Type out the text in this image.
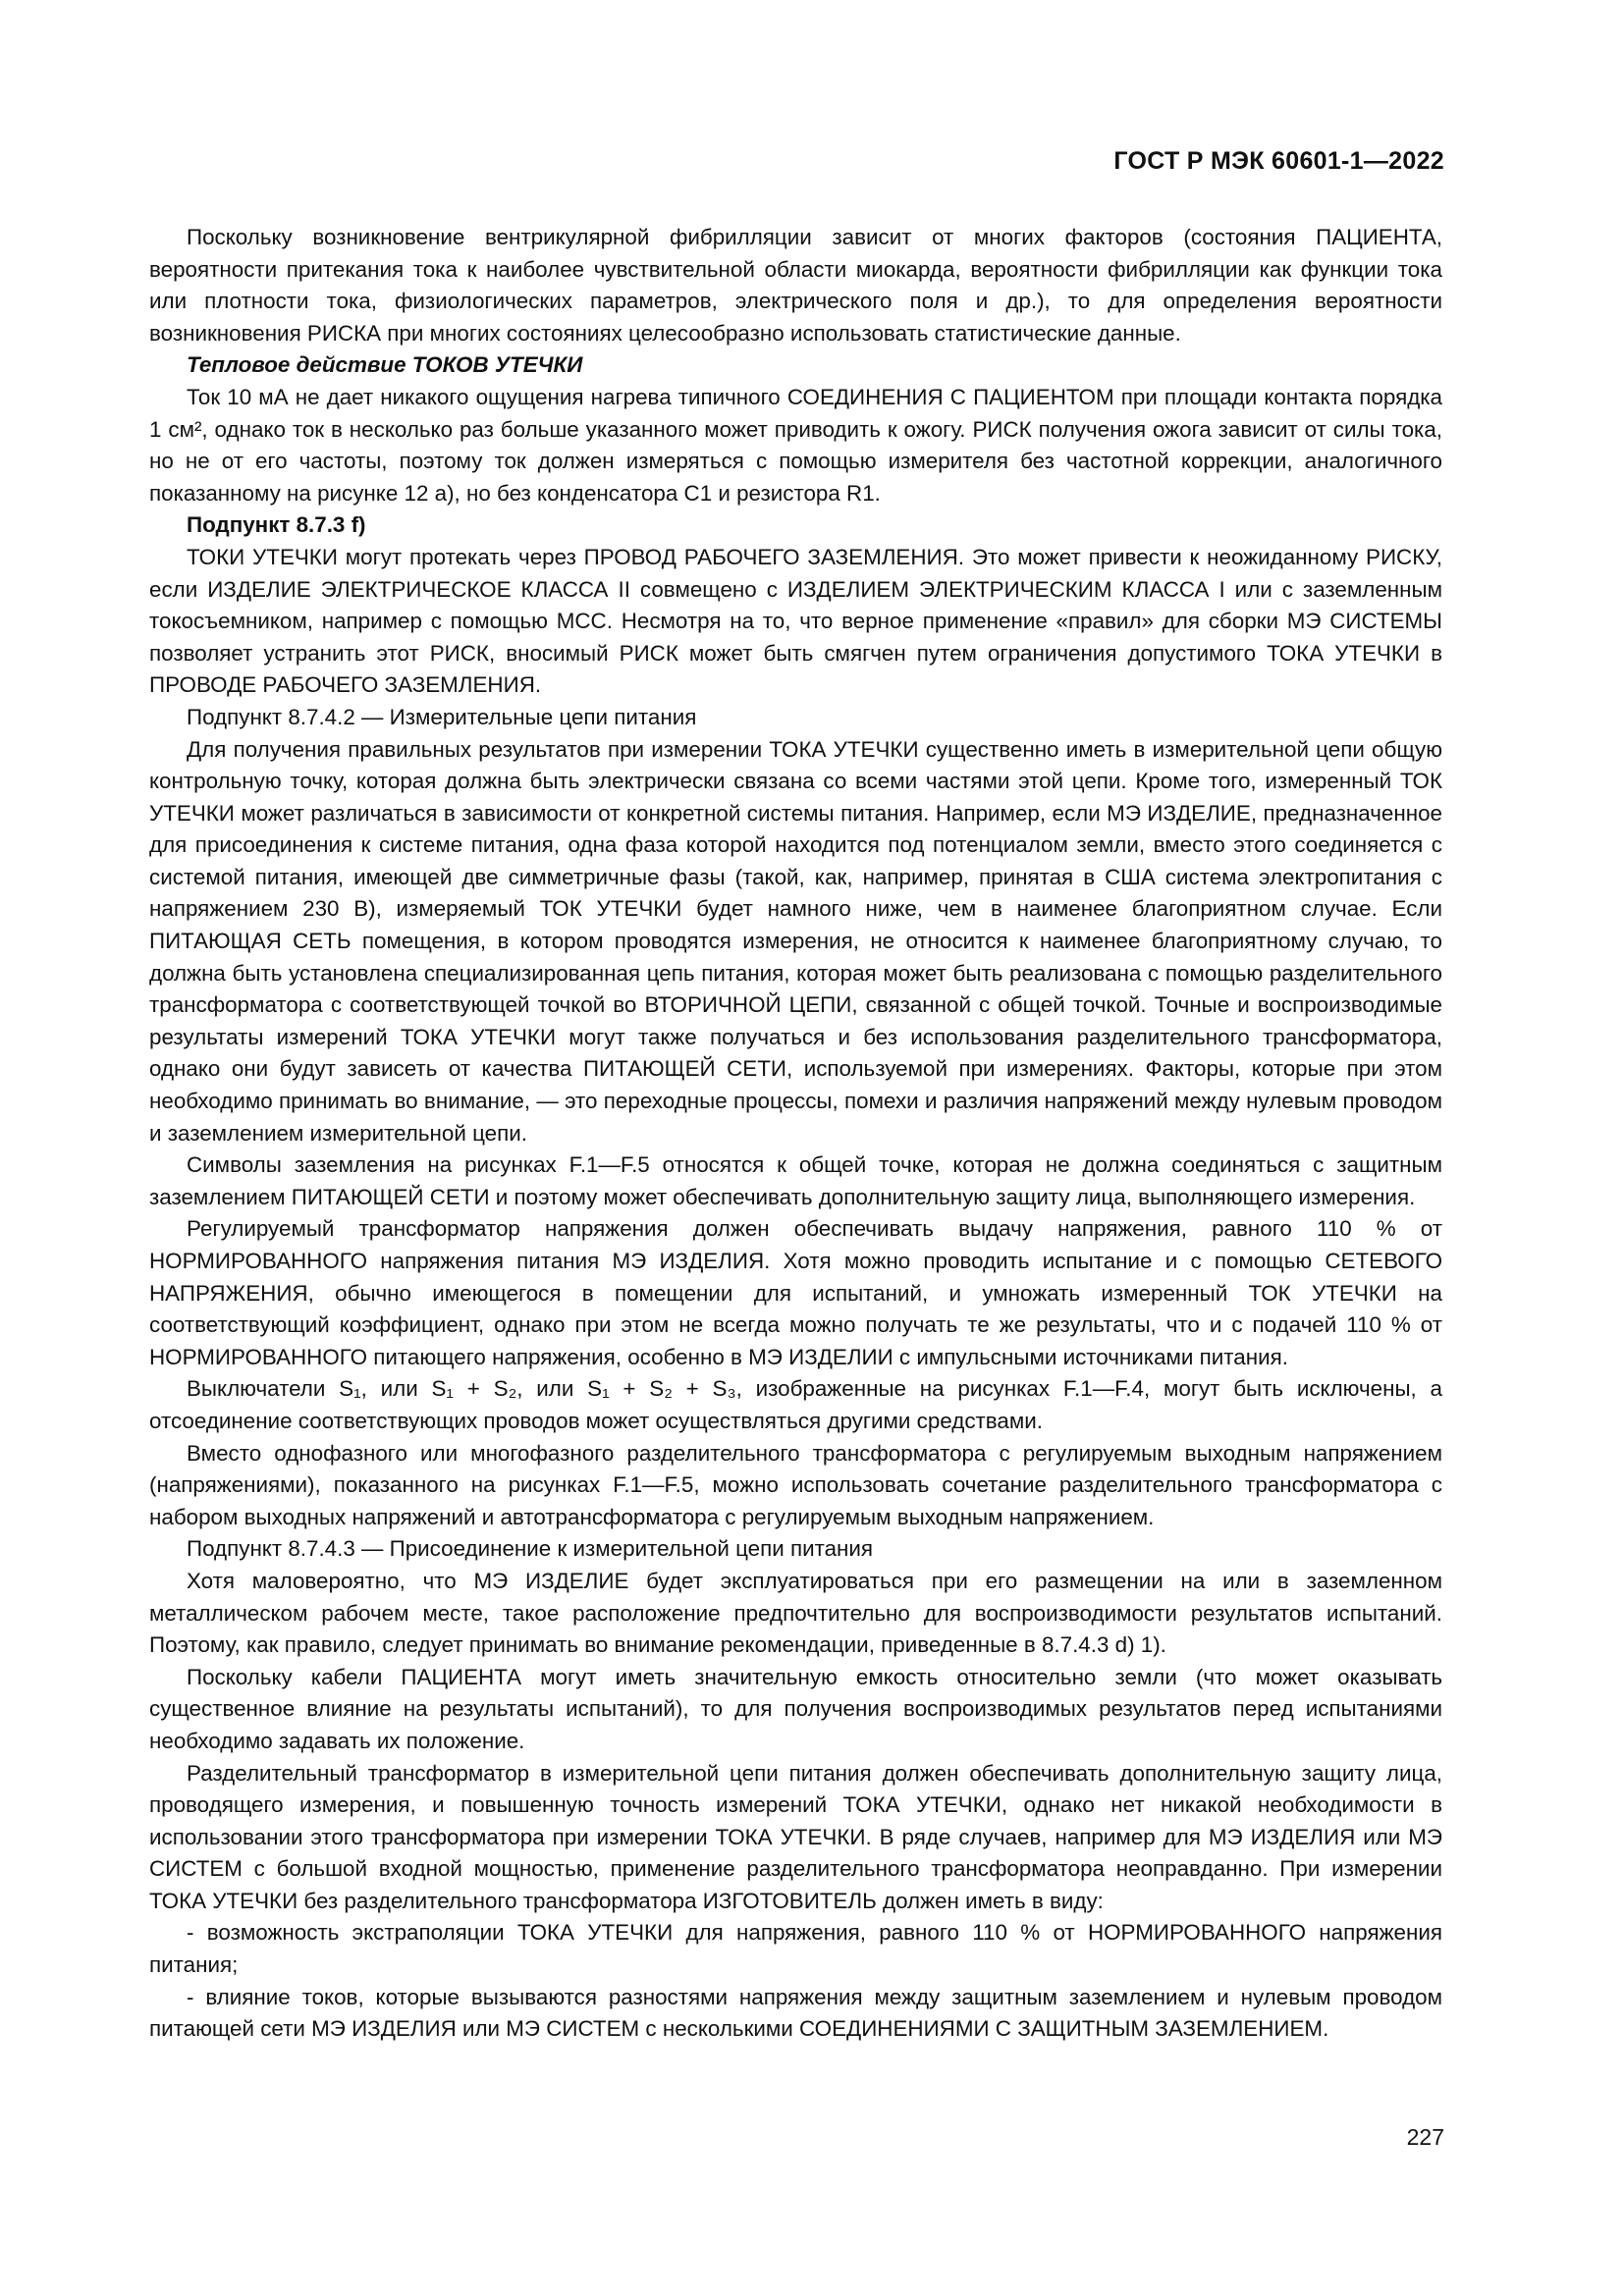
ГОСТ Р МЭК 60601-1—2022

Поскольку возникновение вентрикулярной фибрилляции зависит от многих факторов (состояния ПАЦИЕНТА, вероятности притекания тока к наиболее чувствительной области миокарда, вероятности фибрилляции как функции тока или плотности тока, физиологических параметров, электрического поля и др.), то для определения вероятности возникновения РИСКА при многих состояниях целесообразно использовать статистические данные.

Тепловое действие ТОКОВ УТЕЧКИ

Ток 10 мА не дает никакого ощущения нагрева типичного СОЕДИНЕНИЯ С ПАЦИЕНТОМ при площади контакта порядка 1 см², однако ток в несколько раз больше указанного может приводить к ожогу. РИСК получения ожога зависит от силы тока, но не от его частоты, поэтому ток должен измеряться с помощью измерителя без частотной коррекции, аналогичного показанному на рисунке 12 а), но без конденсатора C1 и резистора R1.

Подпункт 8.7.3 f)

ТОКИ УТЕЧКИ могут протекать через ПРОВОД РАБОЧЕГО ЗАЗЕМЛЕНИЯ. Это может привести к неожиданному РИСКУ, если ИЗДЕЛИЕ ЭЛЕКТРИЧЕСКОЕ КЛАССА II совмещено с ИЗДЕЛИЕМ ЭЛЕКТРИЧЕСКИМ КЛАССА I или с заземленным токосъемником, например с помощью МСС. Несмотря на то, что верное применение «правил» для сборки МЭ СИСТЕМЫ позволяет устранить этот РИСК, вносимый РИСК может быть смягчен путем ограничения допустимого ТОКА УТЕЧКИ в ПРОВОДЕ РАБОЧЕГО ЗАЗЕМЛЕНИЯ.

Подпункт 8.7.4.2 — Измерительные цепи питания

Для получения правильных результатов при измерении ТОКА УТЕЧКИ существенно иметь в измерительной цепи общую контрольную точку, которая должна быть электрически связана со всеми частями этой цепи. Кроме того, измеренный ТОК УТЕЧКИ может различаться в зависимости от конкретной системы питания. Например, если МЭ ИЗДЕЛИЕ, предназначенное для присоединения к системе питания, одна фаза которой находится под потенциалом земли, вместо этого соединяется с системой питания, имеющей две симметричные фазы (такой, как, например, принятая в США система электропитания с напряжением 230 В), измеряемый ТОК УТЕЧКИ будет намного ниже, чем в наименее благоприятном случае. Если ПИТАЮЩАЯ СЕТЬ помещения, в котором проводятся измерения, не относится к наименее благоприятному случаю, то должна быть установлена специализированная цепь питания, которая может быть реализована с помощью разделительного трансформатора с соответствующей точкой во ВТОРИЧНОЙ ЦЕПИ, связанной с общей точкой. Точные и воспроизводимые результаты измерений ТОКА УТЕЧКИ могут также получаться и без использования разделительного трансформатора, однако они будут зависеть от качества ПИТАЮЩЕЙ СЕТИ, используемой при измерениях. Факторы, которые при этом необходимо принимать во внимание, — это переходные процессы, помехи и различия напряжений между нулевым проводом и заземлением измерительной цепи.

Символы заземления на рисунках F.1—F.5 относятся к общей точке, которая не должна соединяться с защитным заземлением ПИТАЮЩЕЙ СЕТИ и поэтому может обеспечивать дополнительную защиту лица, выполняющего измерения.

Регулируемый трансформатор напряжения должен обеспечивать выдачу напряжения, равного 110 % от НОРМИРОВАННОГО напряжения питания МЭ ИЗДЕЛИЯ. Хотя можно проводить испытание и с помощью СЕТЕВОГО НАПРЯЖЕНИЯ, обычно имеющегося в помещении для испытаний, и умножать измеренный ТОК УТЕЧКИ на соответствующий коэффициент, однако при этом не всегда можно получать те же результаты, что и с подачей 110 % от НОРМИРОВАННОГО питающего напряжения, особенно в МЭ ИЗДЕЛИИ с импульсными источниками питания.

Выключатели S₁, или S₁ + S₂, или S₁ + S₂ + S₃, изображенные на рисунках F.1—F.4, могут быть исключены, а отсоединение соответствующих проводов может осуществляться другими средствами.

Вместо однофазного или многофазного разделительного трансформатора с регулируемым выходным напряжением (напряжениями), показанного на рисунках F.1—F.5, можно использовать сочетание разделительного трансформатора с набором выходных напряжений и автотрансформатора с регулируемым выходным напряжением.

Подпункт 8.7.4.3 — Присоединение к измерительной цепи питания

Хотя маловероятно, что МЭ ИЗДЕЛИЕ будет эксплуатироваться при его размещении на или в заземленном металлическом рабочем месте, такое расположение предпочтительно для воспроизводимости результатов испытаний. Поэтому, как правило, следует принимать во внимание рекомендации, приведенные в 8.7.4.3 d) 1).

Поскольку кабели ПАЦИЕНТА могут иметь значительную емкость относительно земли (что может оказывать существенное влияние на результаты испытаний), то для получения воспроизводимых результатов перед испытаниями необходимо задавать их положение.

Разделительный трансформатор в измерительной цепи питания должен обеспечивать дополнительную защиту лица, проводящего измерения, и повышенную точность измерений ТОКА УТЕЧКИ, однако нет никакой необходимости в использовании этого трансформатора при измерении ТОКА УТЕЧКИ. В ряде случаев, например для МЭ ИЗДЕЛИЯ или МЭ СИСТЕМ с большой входной мощностью, применение разделительного трансформатора неоправданно. При измерении ТОКА УТЕЧКИ без разделительного трансформатора ИЗГОТОВИТЕЛЬ должен иметь в виду:

- возможность экстраполяции ТОКА УТЕЧКИ для напряжения, равного 110 % от НОРМИРОВАННОГО напряжения питания;

- влияние токов, которые вызываются разностями напряжения между защитным заземлением и нулевым проводом питающей сети МЭ ИЗДЕЛИЯ или МЭ СИСТЕМ с несколькими СОЕДИНЕНИЯМИ С ЗАЩИТНЫМ ЗАЗЕМЛЕНИЕМ.

227
